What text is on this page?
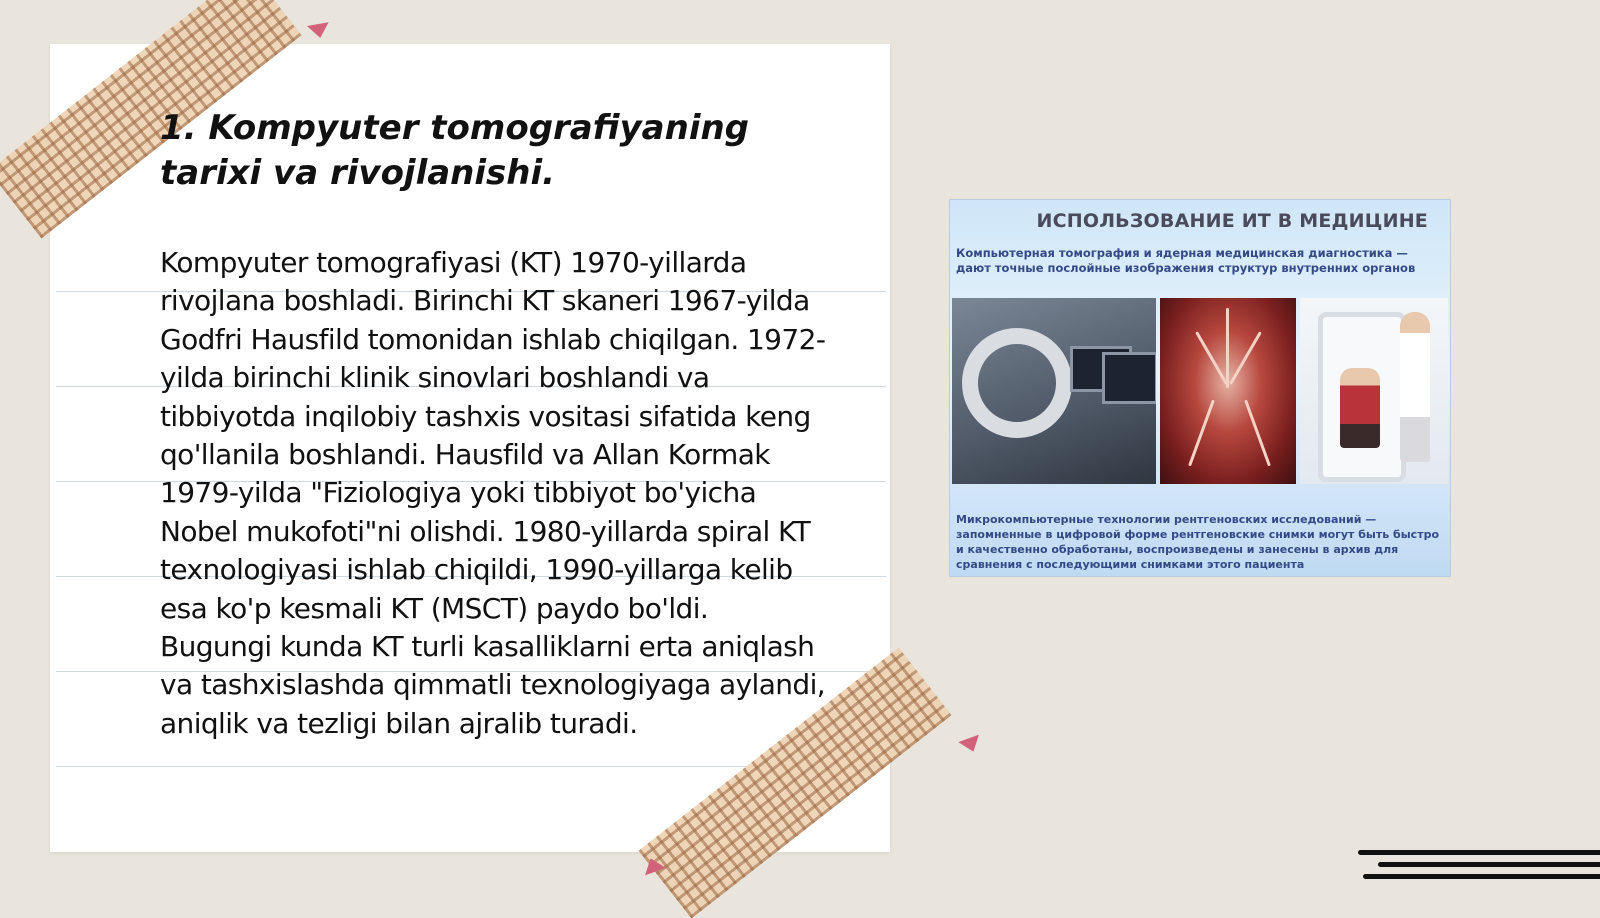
1. Kompyuter tomografiyaning tarixi va rivojlanishi.

Kompyuter tomografiyasi (KT) 1970-yillarda rivojlana boshladi. Birinchi KT skaneri 1967-yilda Godfri Hausfild tomonidan ishlab chiqilgan. 1972-yilda birinchi klinik sinovlari boshlandi va tibbiyotda inqilobiy tashxis vositasi sifatida keng qo'llanila boshlandi. Hausfild va Allan Kormak 1979-yilda "Fiziologiya yoki tibbiyot bo'yicha Nobel mukofoti"ni olishdi. 1980-yillarda spiral KT texnologiyasi ishlab chiqildi, 1990-yillarga kelib esa ko'p kesmali KT (MSCT) paydo bo'ldi. Bugungi kunda KT turli kasalliklarni erta aniqlash va tashxislashda qimmatli texnologiyaga aylandi, aniqlik va tezligi bilan ajralib turadi.

ИСПОЛЬЗОВАНИЕ ИТ В МЕДИЦИНЕ
Компьютерная томография и ядерная медицинская диагностика — дают точные послойные изображения структур внутренних органов
Микрокомпьютерные технологии рентгеновских исследований — запомненные в цифровой форме рентгеновские снимки могут быть быстро и качественно обработаны, воспроизведены и занесены в архив для сравнения с последующими снимками этого пациента
